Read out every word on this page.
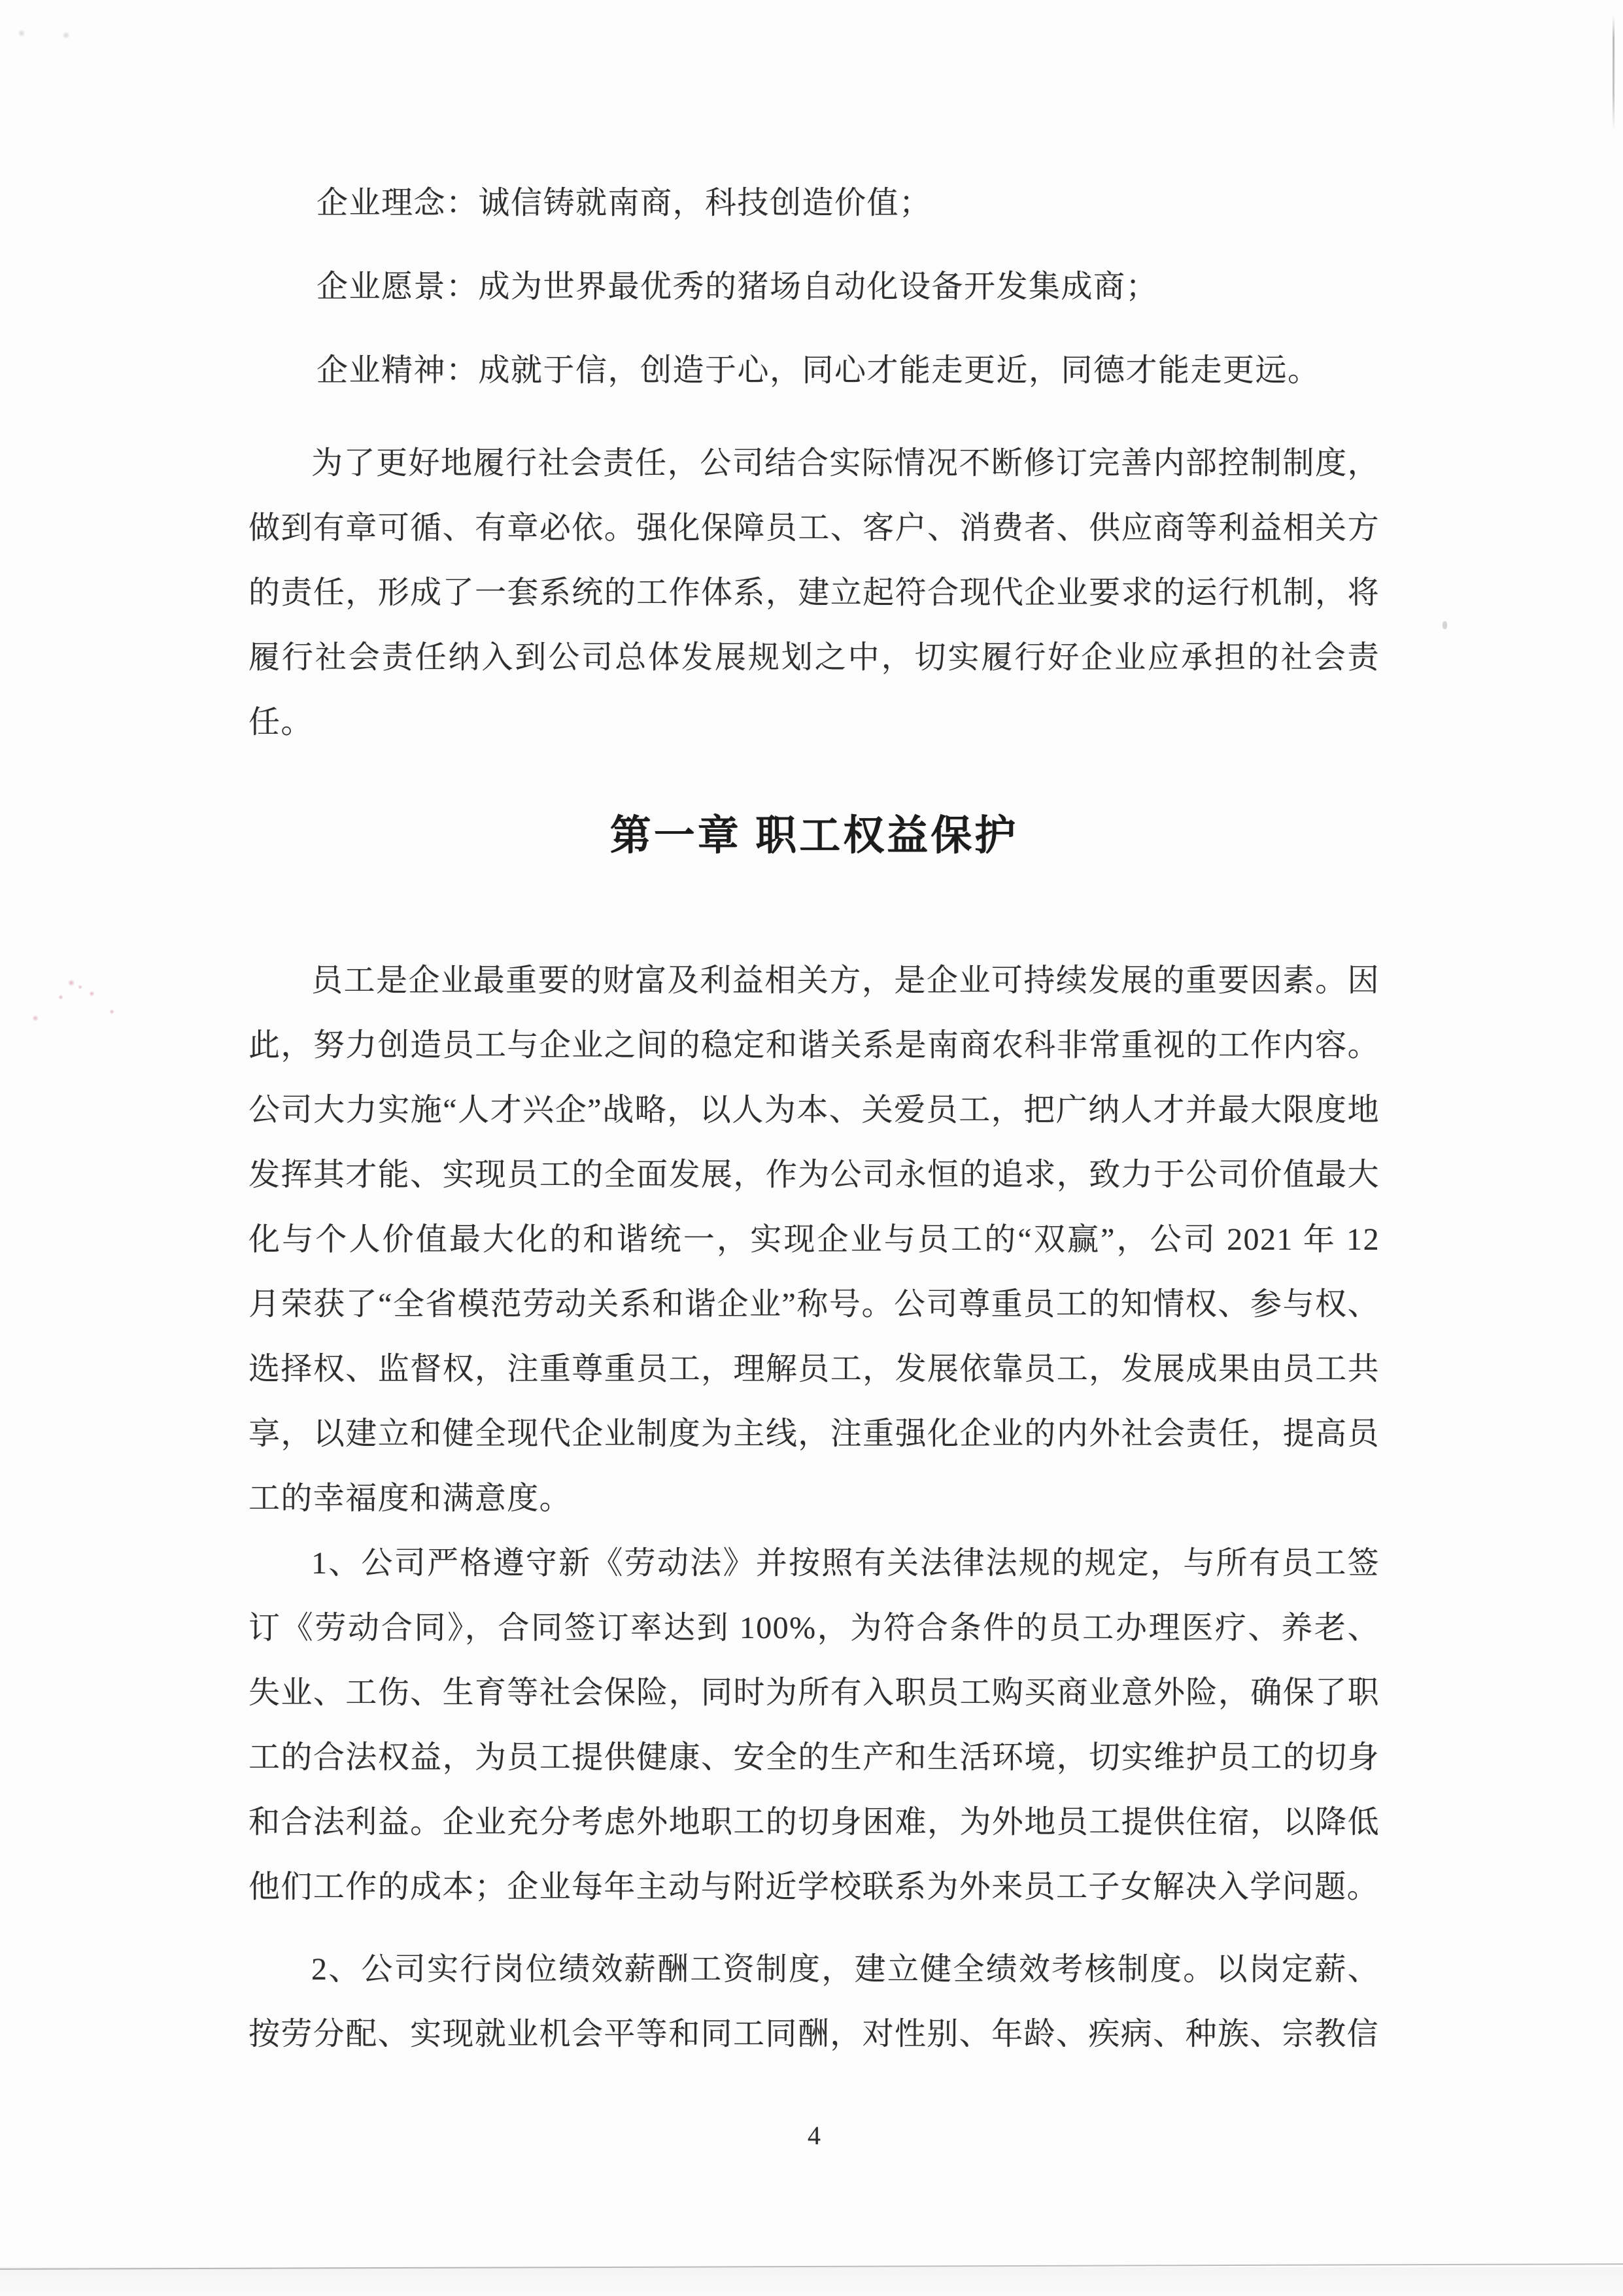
企业理念：诚信铸就南商，科技创造价值；

企业愿景：成为世界最优秀的猪场自动化设备开发集成商；

企业精神：成就于信，创造于心，同心才能走更近，同德才能走更远。

为了更好地履行社会责任，公司结合实际情况不断修订完善内部控制制度，做到有章可循、有章必依。强化保障员工、客户、消费者、供应商等利益相关方的责任，形成了一套系统的工作体系，建立起符合现代企业要求的运行机制，将履行社会责任纳入到公司总体发展规划之中，切实履行好企业应承担的社会责任。

第一章 职工权益保护

员工是企业最重要的财富及利益相关方，是企业可持续发展的重要因素。因此，努力创造员工与企业之间的稳定和谐关系是南商农科非常重视的工作内容。公司大力实施“人才兴企”战略，以人为本、关爱员工，把广纳人才并最大限度地发挥其才能、实现员工的全面发展，作为公司永恒的追求，致力于公司价值最大化与个人价值最大化的和谐统一，实现企业与员工的“双赢”，公司 2021 年 12 月荣获了“全省模范劳动关系和谐企业”称号。公司尊重员工的知情权、参与权、选择权、监督权，注重尊重员工，理解员工，发展依靠员工，发展成果由员工共享，以建立和健全现代企业制度为主线，注重强化企业的内外社会责任，提高员工的幸福度和满意度。

1、公司严格遵守新《劳动法》并按照有关法律法规的规定，与所有员工签订《劳动合同》，合同签订率达到 100%，为符合条件的员工办理医疗、养老、失业、工伤、生育等社会保险，同时为所有入职员工购买商业意外险，确保了职工的合法权益，为员工提供健康、安全的生产和生活环境，切实维护员工的切身和合法利益。企业充分考虑外地职工的切身困难，为外地员工提供住宿，以降低他们工作的成本；企业每年主动与附近学校联系为外来员工子女解决入学问题。

2、公司实行岗位绩效薪酬工资制度，建立健全绩效考核制度。以岗定薪、按劳分配、实现就业机会平等和同工同酬，对性别、年龄、疾病、种族、宗教信

4
